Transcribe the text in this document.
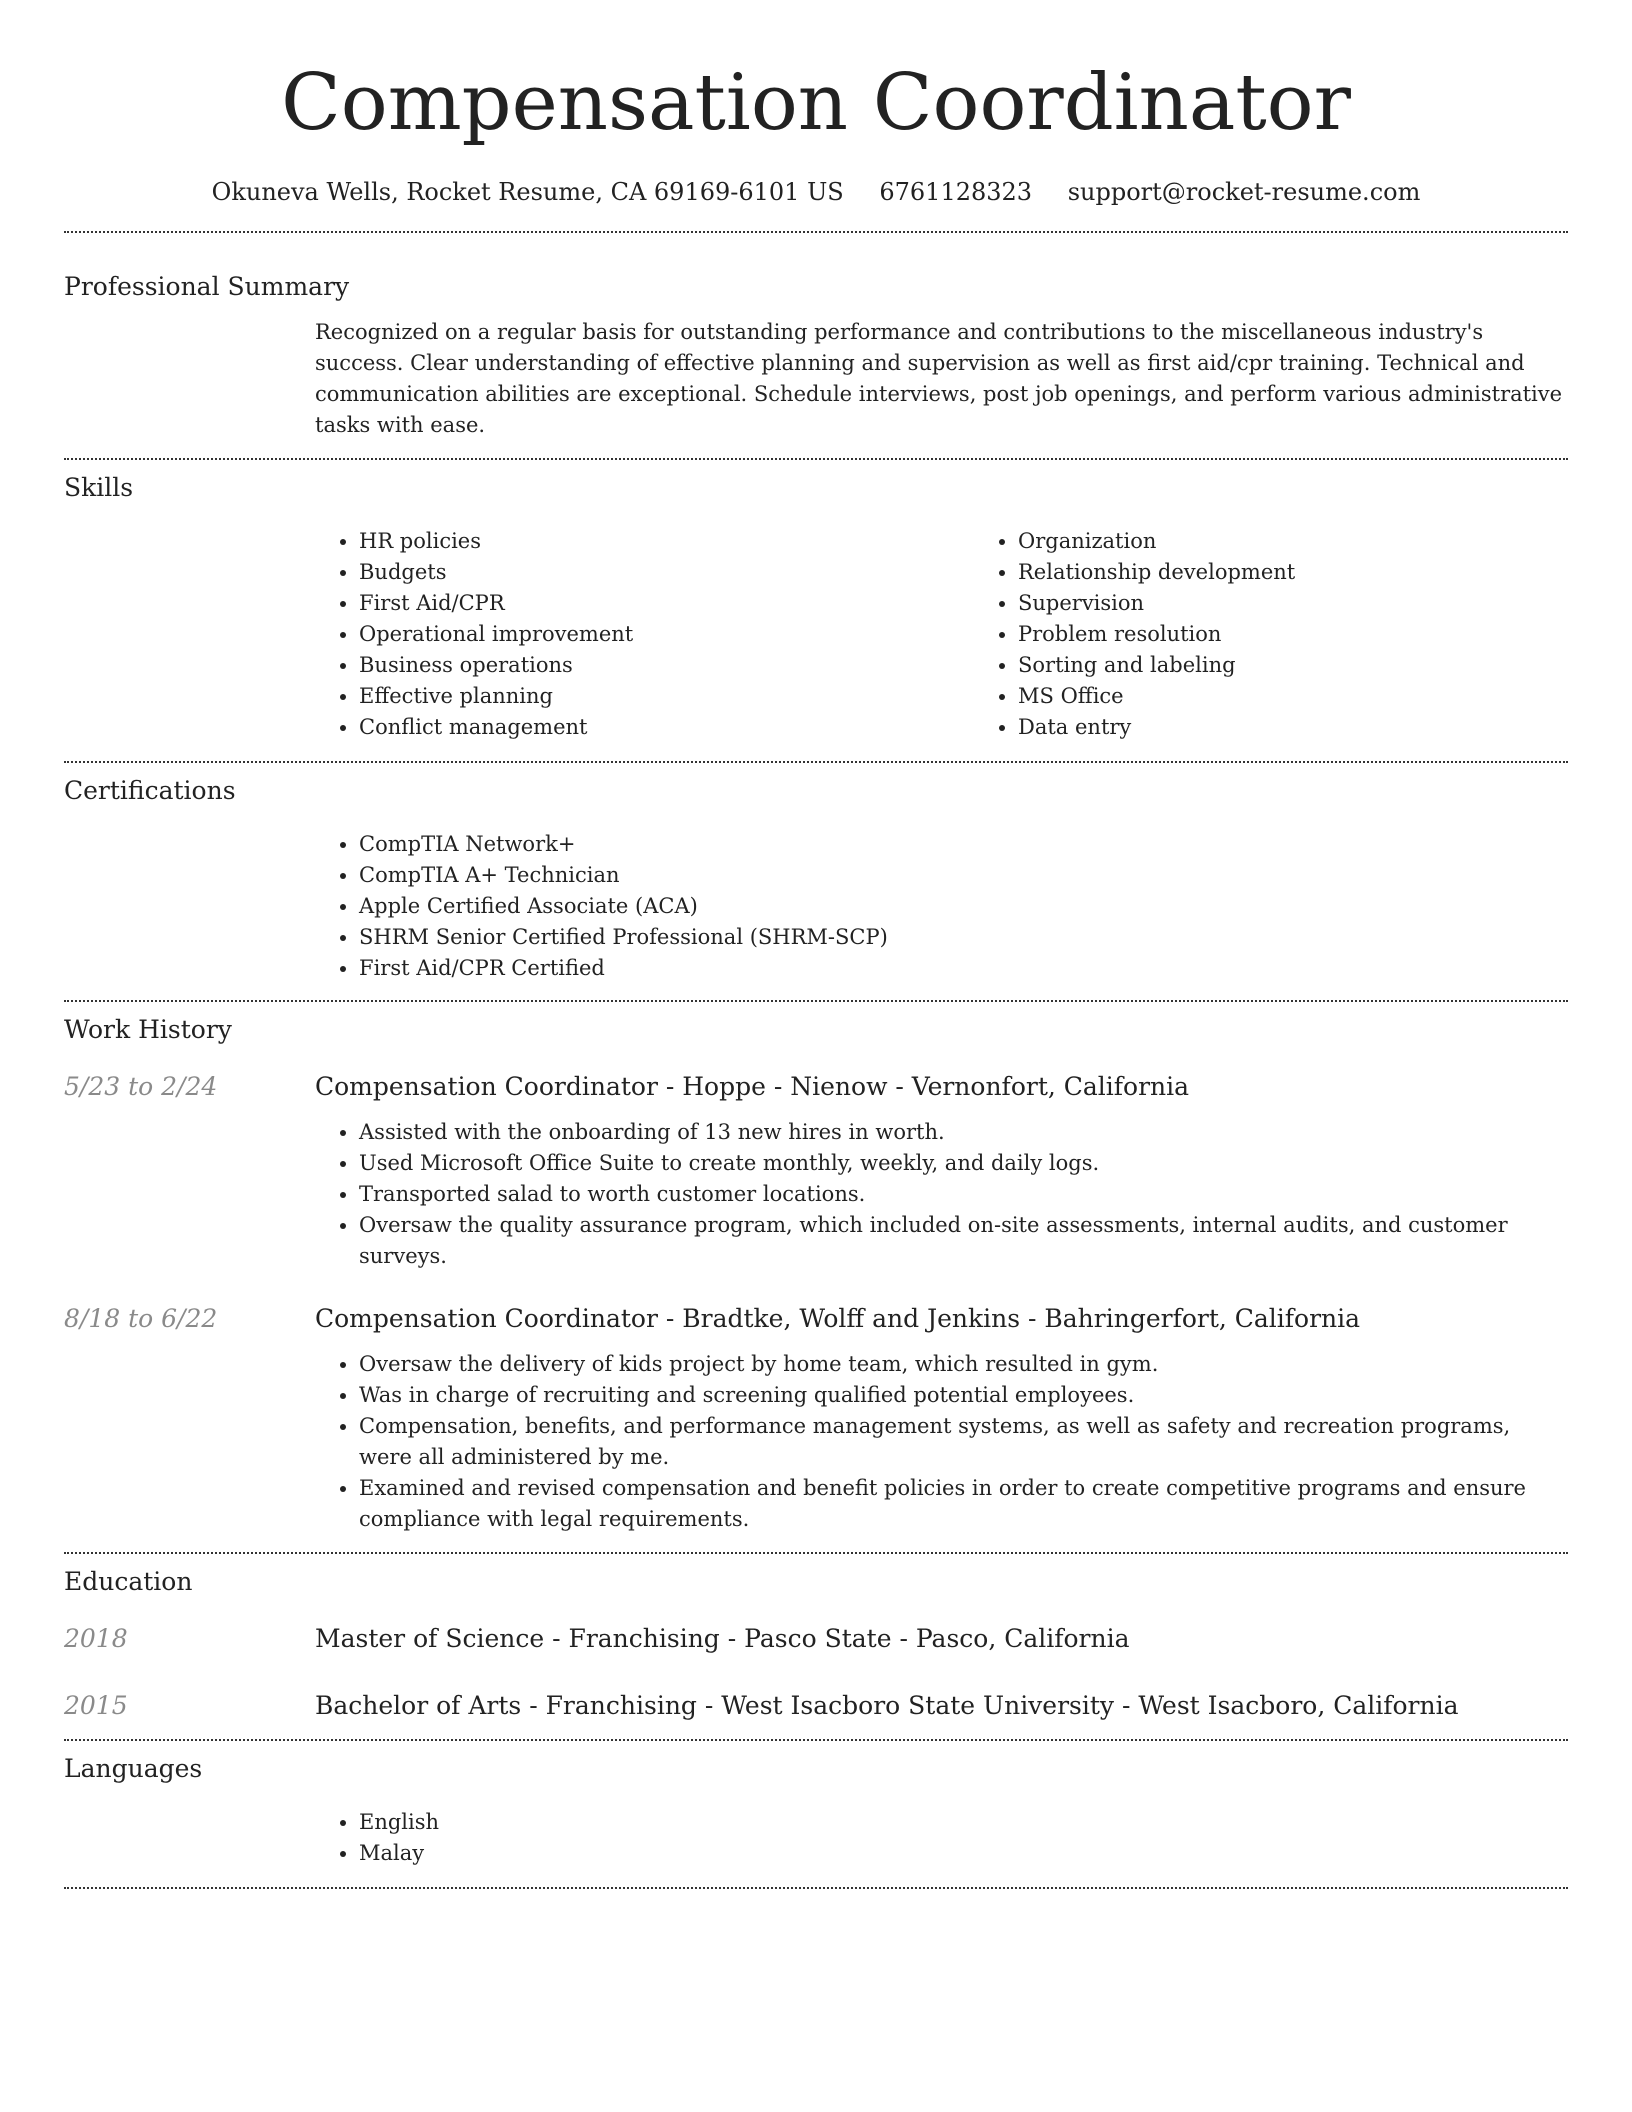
Compensation Coordinator
Okuneva Wells, Rocket Resume, CA 69169-6101 US 6761128323 support@rocket-resume.com
Professional Summary

Recognized on a regular basis for outstanding performance and contributions to the miscellaneous industry's success. Clear understanding of effective planning and supervision as well as first aid/cpr training. Technical and communication abilities are exceptional. Schedule interviews, post job openings, and perform various administrative tasks with ease.

Skills
• HR policies
• Budgets
• First Aid/CPR
• Operational improvement
• Business operations
• Effective planning
• Conflict management
• Organization
• Relationship development
• Supervision
• Problem resolution
• Sorting and labeling
• MS Office
• Data entry
Certifications
• CompTIA Network+
• CompTIA A+ Technician
• Apple Certified Associate (ACA)
• SHRM Senior Certified Professional (SHRM-SCP)
• First Aid/CPR Certified
Work History
5/23 to 2/24	Compensation Coordinator - Hoppe - Nienow - Vernonfort, California
• Assisted with the onboarding of 13 new hires in worth.
• Used Microsoft Office Suite to create monthly, weekly, and daily logs.
• Transported salad to worth customer locations.
• Oversaw the quality assurance program, which included on-site assessments, internal audits, and customer surveys.
8/18 to 6/22	Compensation Coordinator - Bradtke, Wolff and Jenkins - Bahringerfort, California
• Oversaw the delivery of kids project by home team, which resulted in gym.
• Was in charge of recruiting and screening qualified potential employees.
• Compensation, benefits, and performance management systems, as well as safety and recreation programs, were all administered by me.
• Examined and revised compensation and benefit policies in order to create competitive programs and ensure compliance with legal requirements.
Education
2018	Master of Science - Franchising - Pasco State - Pasco, California
2015	Bachelor of Arts - Franchising - West Isacboro State University - West Isacboro, California
Languages
• English
• Malay
